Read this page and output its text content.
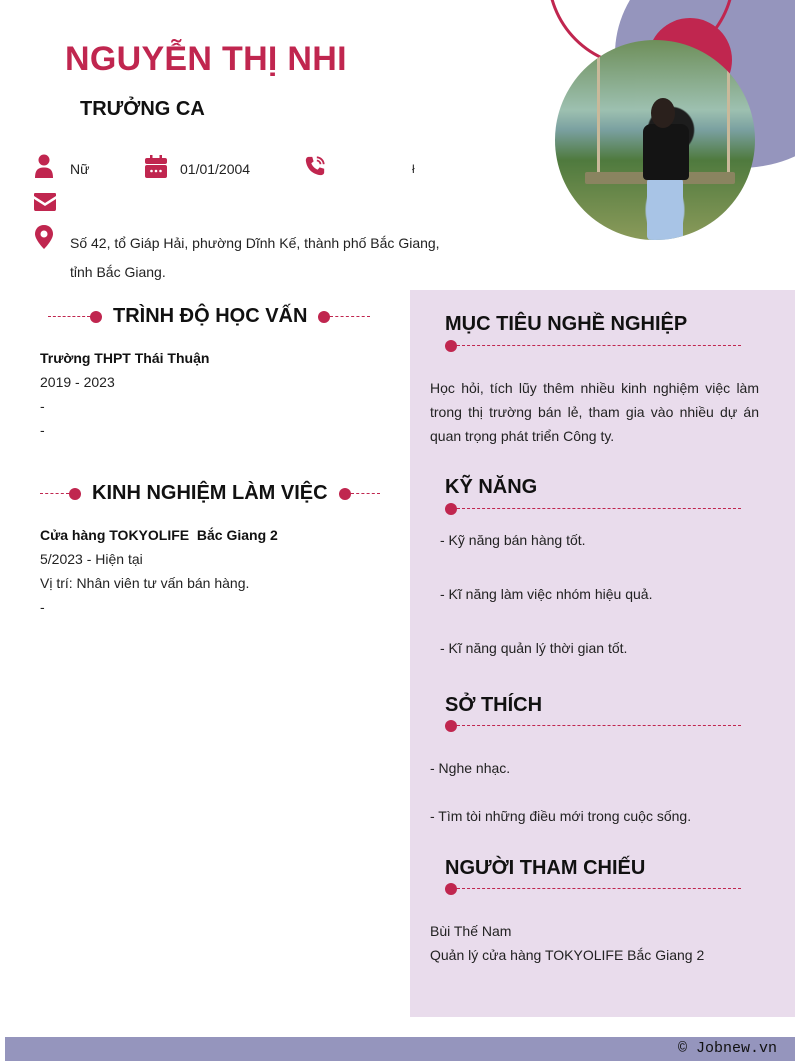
NGUYỄN THỊ NHI
TRƯỞNG CA
Nữ	01/01/2004	ł
Số 42, tổ Giáp Hải, phường Dĩnh Kế, thành phố Bắc Giang, tỉnh Bắc Giang.
TRÌNH ĐỘ HỌC VẤN
Trường THPT Thái Thuận
2019 - 2023
-
-
KINH NGHIỆM LÀM VIỆC
Cửa hàng TOKYOLIFE  Bắc Giang 2
5/2023 - Hiện tại
Vị trí: Nhân viên tư vấn bán hàng.
-
MỤC TIÊU NGHỀ NGHIỆP
Học hỏi, tích lũy thêm nhiều kinh nghiệm việc làm trong thị trường bán lẻ, tham gia vào nhiều dự án quan trọng phát triển Công ty.
KỸ NĂNG
- Kỹ năng bán hàng tốt.
- Kĩ năng làm việc nhóm hiệu quả.
- Kĩ năng quản lý thời gian tốt.
SỞ THÍCH
- Nghe nhạc.
- Tìm tòi những điều mới trong cuộc sống.
NGƯỜI THAM CHIẾU
Bùi Thế Nam
Quản lý cửa hàng TOKYOLIFE Bắc Giang 2
© Jobnew.vn
